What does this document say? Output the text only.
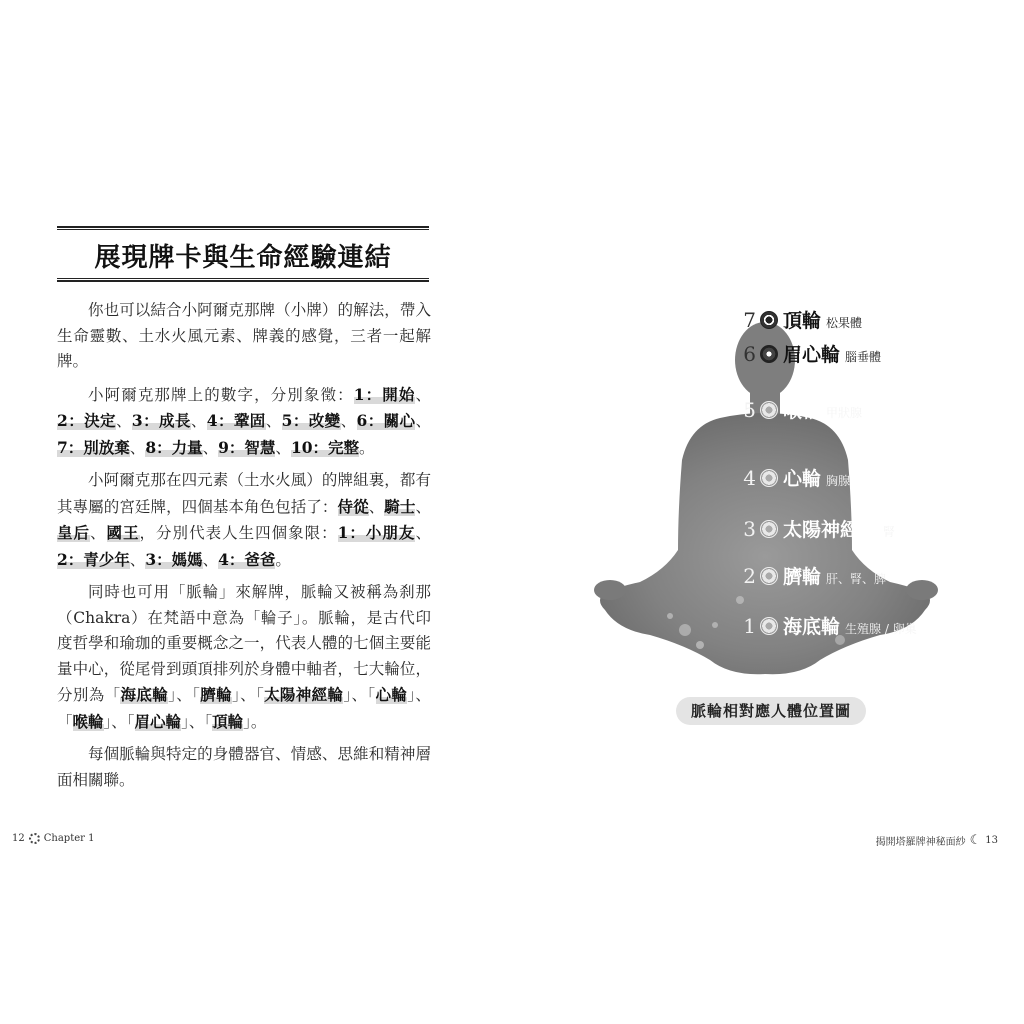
展現牌卡與生命經驗連結

你也可以結合小阿爾克那牌（小牌）的解法，帶入生命靈數、土水火風元素、牌義的感覺，三者一起解牌。

小阿爾克那牌上的數字，分別象徵：1：開始、2：決定、3：成長、4：鞏固、5：改變、6：關心、7：別放棄、8：力量、9：智慧、10：完整。

小阿爾克那在四元素（土水火風）的牌組裏，都有其專屬的宮廷牌，四個基本角色包括了：侍從、騎士、皇后、國王，分別代表人生四個象限：1：小朋友、2：青少年、3：媽媽、4：爸爸。

同時也可用「脈輪」來解牌，脈輪又被稱為刹那（Chakra）在梵語中意為「輪子」。脈輪，是古代印度哲學和瑜珈的重要概念之一，代表人體的七個主要能量中心，從尾骨到頭頂排列於身體中軸者，七大輪位，分別為「海底輪」、「臍輪」、「太陽神經輪」、「心輪」、「喉輪」、「眉心輪」、「頂輪」。

每個脈輪與特定的身體器官、情感、思維和精神層面相關聯。

7 頂輪 松果體
6 眉心輪 腦垂體
5 喉輪 甲狀腺
4 心輪 胸腺
3 太陽神經輪 腎
2 臍輪 肝、腎、脾
1 海底輪 生殖腺 / 卵巢
脈輪相對應人體位置圖
12 Chapter 1	揭開塔羅牌神秘面紗 ☾ 13
